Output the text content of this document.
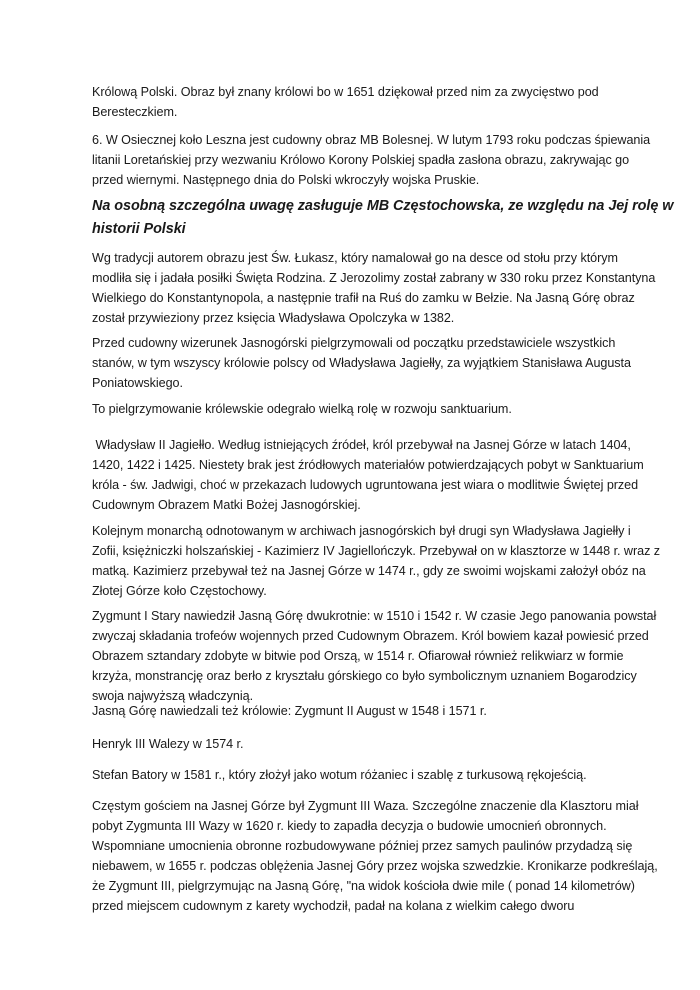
Królową Polski. Obraz był znany królowi bo w 1651 dziękował przed nim za zwycięstwo pod
Beresteczkiem.
6. W Osiecznej koło Leszna jest cudowny obraz MB Bolesnej. W lutym 1793 roku podczas śpiewania
litanii Loretańskiej przy wezwaniu Królowo Korony Polskiej spadła zasłona obrazu, zakrywając go
przed wiernymi. Następnego dnia do Polski wkroczyły wojska Pruskie.
Na osobną szczególna uwagę zasługuje MB Częstochowska, ze względu na Jej rolę w
historii Polski
Wg tradycji autorem obrazu jest Św. Łukasz, który namalował go na desce od stołu przy którym
modliła się i jadała posiłki Święta Rodzina. Z Jerozolimy został zabrany w 330 roku przez Konstantyna
Wielkiego do Konstantynopola, a następnie trafił na Ruś do zamku w Bełzie. Na Jasną Górę obraz
został przywieziony przez księcia Władysława Opolczyka w 1382.
Przed cudowny wizerunek Jasnogórski pielgrzymowali od początku przedstawiciele wszystkich
stanów, w tym wszyscy królowie polscy od Władysława Jagiełły, za wyjątkiem Stanisława Augusta
Poniatowskiego.
To pielgrzymowanie królewskie odegrało wielką rolę w rozwoju sanktuarium.
Władysław II Jagiełło. Według istniejących źródeł, król przebywał na Jasnej Górze w latach 1404,
1420, 1422 i 1425. Niestety brak jest źródłowych materiałów potwierdzających pobyt w Sanktuarium
króla - św. Jadwigi, choć w przekazach ludowych ugruntowana jest wiara o modlitwie Świętej przed
Cudownym Obrazem Matki Bożej Jasnogórskiej.
Kolejnym monarchą odnotowanym w archiwach jasnogórskich był drugi syn Władysława Jagiełły i
Zofii, księżniczki holszańskiej - Kazimierz IV Jagiellończyk. Przebywał on w klasztorze w 1448 r. wraz z
matką. Kazimierz przebywał też na Jasnej Górze w 1474 r., gdy ze swoimi wojskami założył obóz na
Złotej Górze koło Częstochowy.
Zygmunt I Stary nawiedził Jasną Górę dwukrotnie: w 1510 i 1542 r. W czasie Jego panowania powstał
zwyczaj składania trofeów wojennych przed Cudownym Obrazem. Król bowiem kazał powiesić przed
Obrazem sztandary zdobyte w bitwie pod Orszą, w 1514 r. Ofiarował również relikwiarz w formie
krzyża, monstrancję oraz berło z kryształu górskiego co było symbolicznym uznaniem Bogarodzicy
swoja najwyższą władczynią.
Jasną Górę nawiedzali też królowie: Zygmunt II August w 1548 i 1571 r.
Henryk III Walezy w 1574 r.
Stefan Batory w 1581 r., który złożył jako wotum różaniec i szablę z turkusową rękojeścią.
Częstym gościem na Jasnej Górze był Zygmunt III Waza. Szczególne znaczenie dla Klasztoru miał
pobyt Zygmunta III Wazy w 1620 r. kiedy to zapadła decyzja o budowie umocnień obronnych.
Wspomniane umocnienia obronne rozbudowywane później przez samych paulinów przydadzą się
niebawem, w 1655 r. podczas oblężenia Jasnej Góry przez wojska szwedzkie. Kronikarze podkreślają,
że Zygmunt III, pielgrzymując na Jasną Górę, "na widok kościoła dwie mile ( ponad 14 kilometrów)
przed miejscem cudownym z karety wychodził, padał na kolana z wielkim całego dworu
